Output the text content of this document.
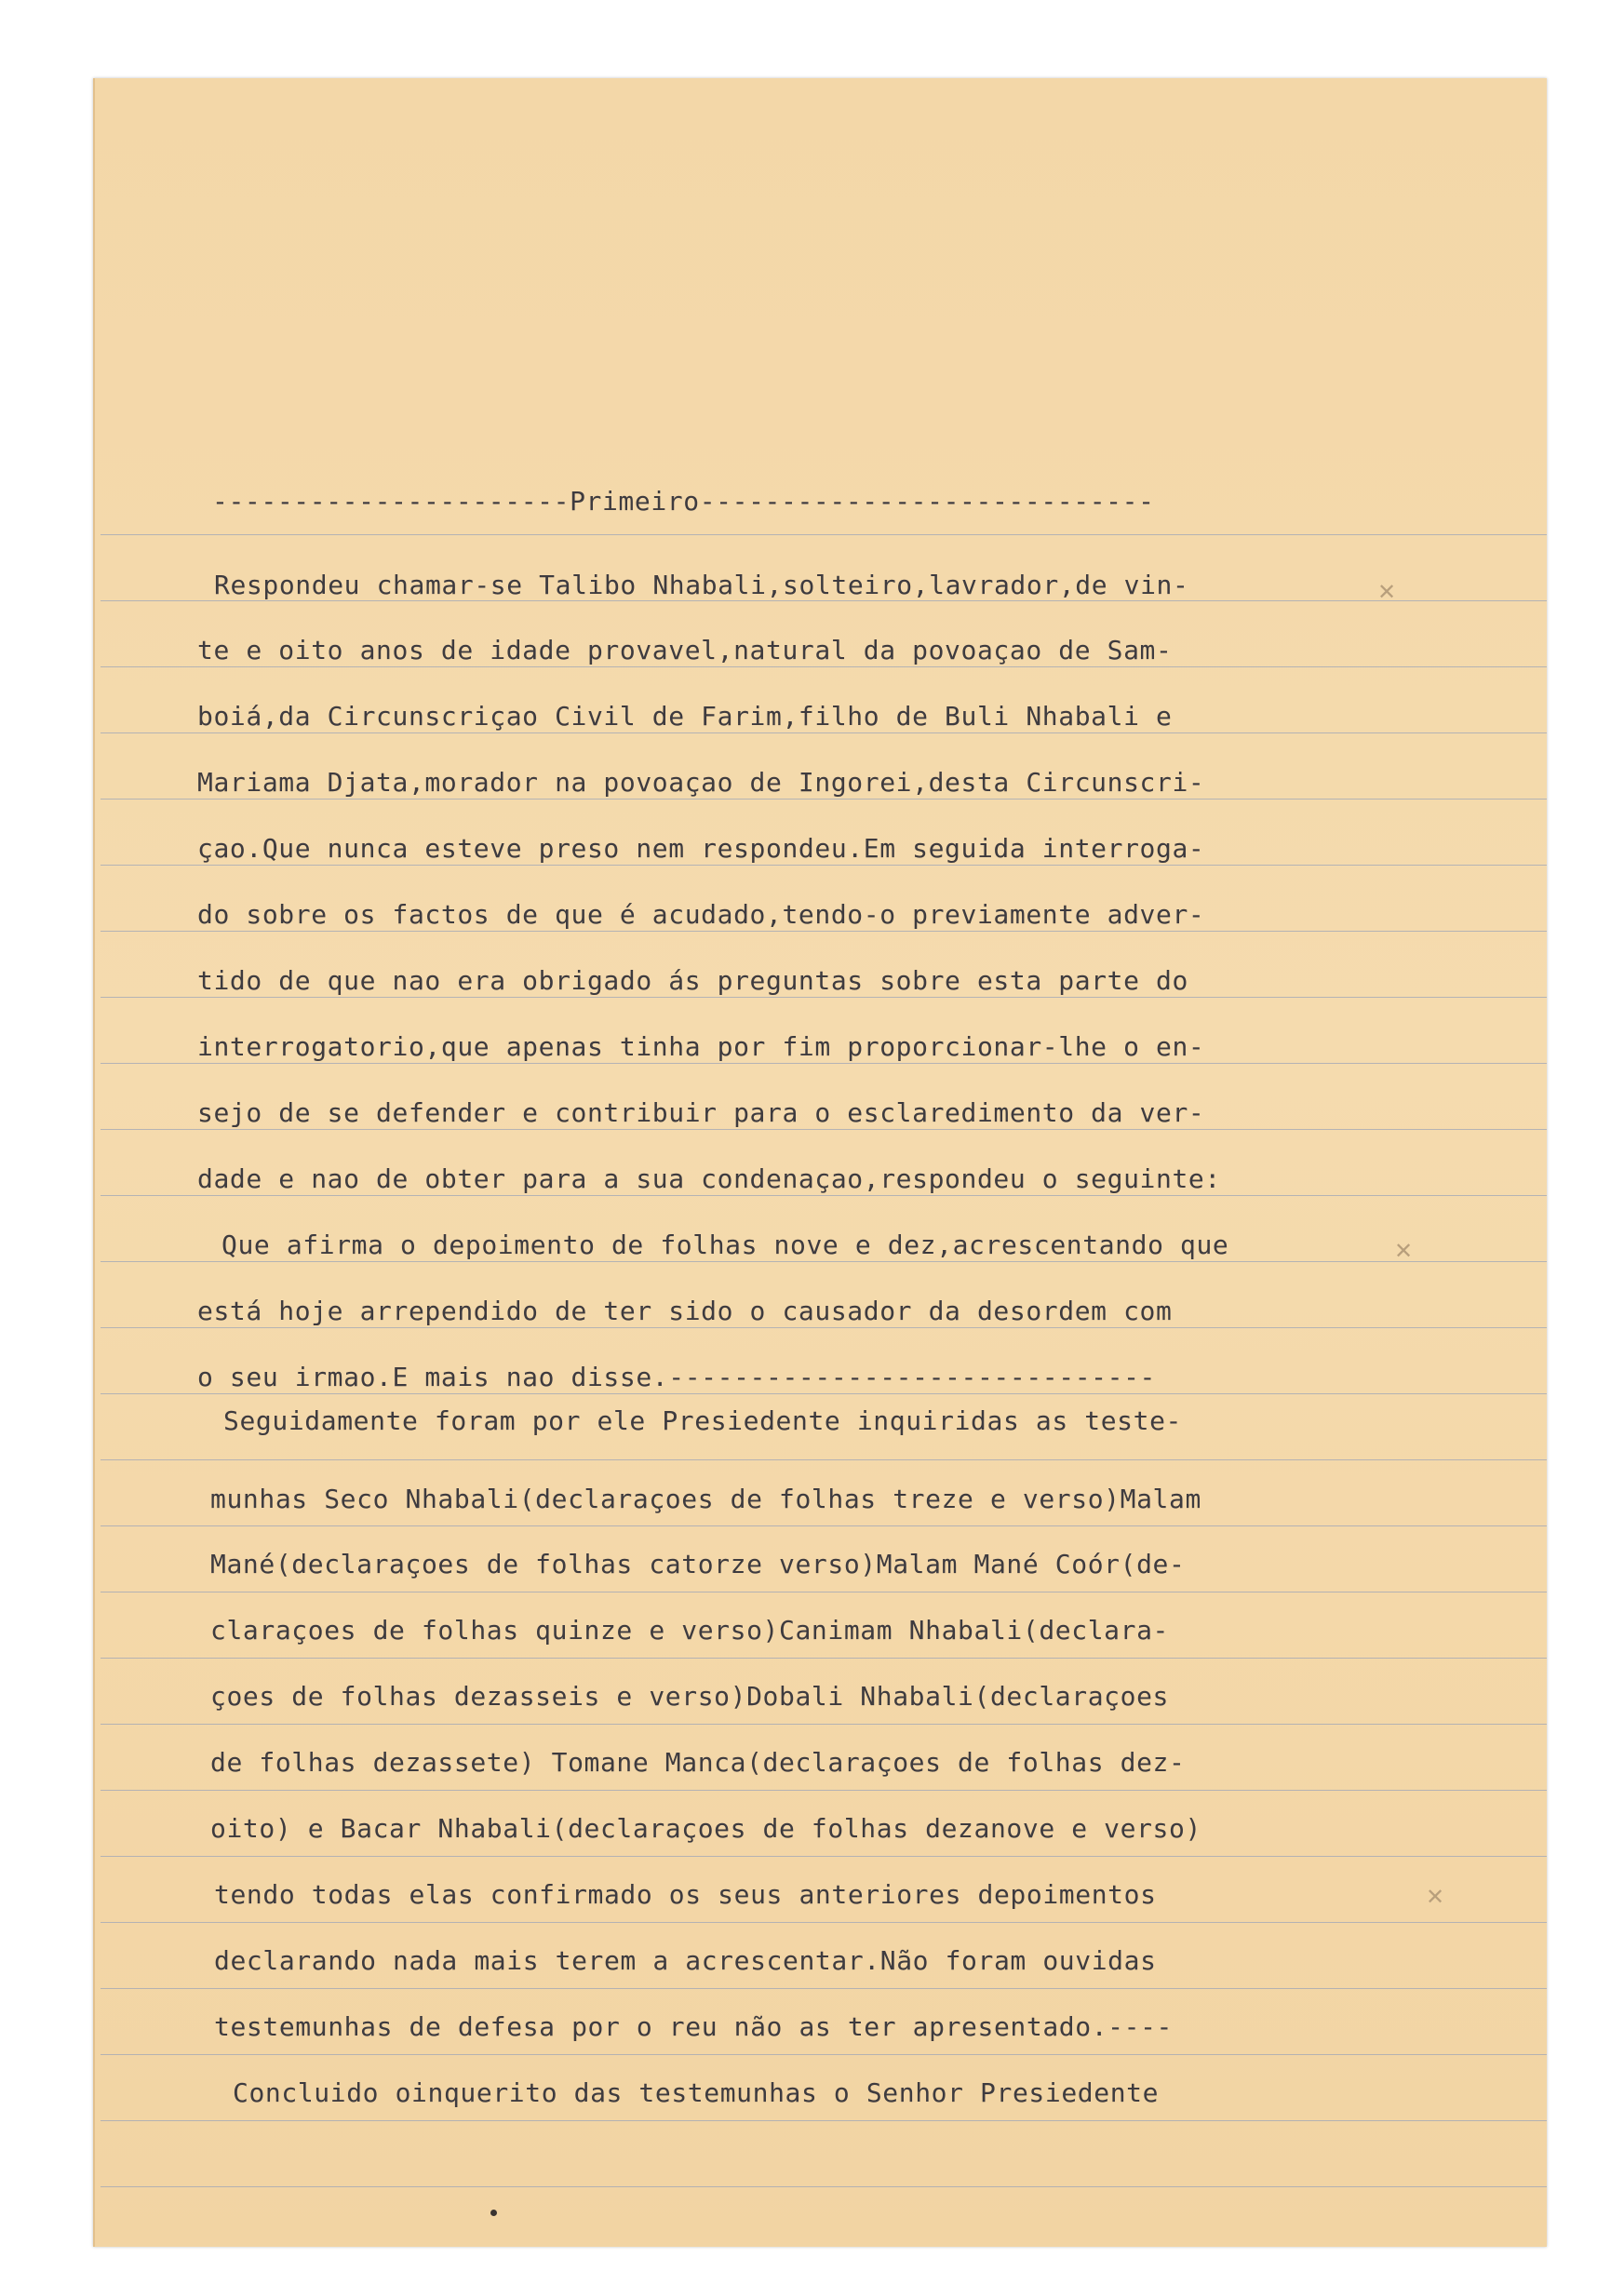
----------------------Primeiro----------------------------
Respondeu chamar-se Talibo Nhabali,solteiro,lavrador,de vin-
te e oito anos de idade provavel,natural da povoaçao de Sam-
boiá,da Circunscriçao Civil de Farim,filho de Buli Nhabali e
Mariama Djata,morador na povoaçao de Ingorei,desta Circunscri-
çao.Que nunca esteve preso nem respondeu.Em seguida interroga-
do sobre os factos de que é acudado,tendo-o previamente adver-
tido de que nao era obrigado ás preguntas sobre esta parte do
interrogatorio,que apenas tinha por fim proporcionar-lhe o en-
sejo de se defender e contribuir para o esclaredimento da ver-
dade e nao de obter para a sua condenaçao,respondeu o seguinte:
Que afirma o depoimento de folhas nove e dez,acrescentando que
está hoje arrependido de ter sido o causador da desordem com
o seu irmao.E mais nao disse.------------------------------
Seguidamente foram por ele Presiedente inquiridas as teste-
munhas Seco Nhabali(declaraçoes de folhas treze e verso)Malam
Mané(declaraçoes de folhas catorze verso)Malam Mané Coór(de-
claraçoes de folhas quinze e verso)Canimam Nhabali(declara-
çoes de folhas dezasseis e verso)Dobali Nhabali(declaraçoes
de folhas dezassete) Tomane Manca(declaraçoes de folhas dez-
oito) e Bacar Nhabali(declaraçoes de folhas dezanove e verso)
tendo todas elas confirmado os seus anteriores depoimentos
declarando nada mais terem a acrescentar.Não foram ouvidas
testemunhas de defesa por o reu não as ter apresentado.----
Concluido oinquerito das testemunhas o Senhor Presiedente
✕
✕
✕
